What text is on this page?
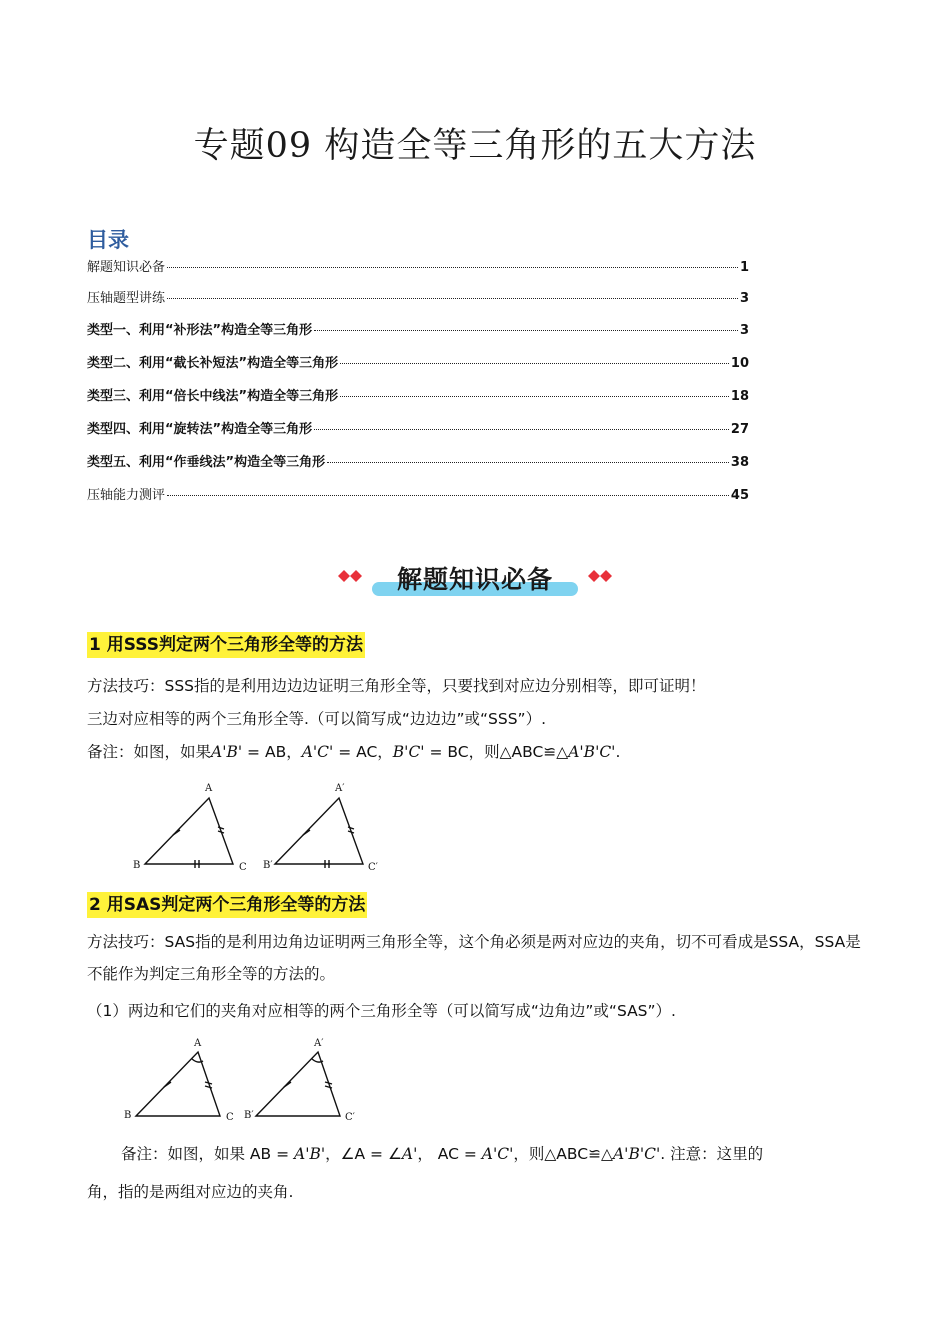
专题09 构造全等三角形的五大方法
目录
解题知识必备	1
压轴题型讲练	3
类型一、利用“补形法”构造全等三角形	3
类型二、利用“截长补短法”构造全等三角形	10
类型三、利用“倍长中线法”构造全等三角形	18
类型四、利用“旋转法”构造全等三角形	27
类型五、利用“作垂线法”构造全等三角形	38
压轴能力测评	45
解题知识必备
1 用SSS判定两个三角形全等的方法
方法技巧：SSS指的是利用边边边证明三角形全等，只要找到对应边分别相等，即可证明！
三边对应相等的两个三角形全等.（可以简写成“边边边”或“SSS”）.
备注：如图，如果A'B' = AB，A'C' = AC，B'C' = BC，则△ABC≌△A'B'C'.
A
B	C
A′
B′	C′
2 用SAS判定两个三角形全等的方法
方法技巧：SAS指的是利用边角边证明两三角形全等，这个角必须是两对应边的夹角，切不可看成是SSA，SSA是不能作为判定三角形全等的方法的。
（1）两边和它们的夹角对应相等的两个三角形全等（可以简写成“边角边”或“SAS”）.
A
B	C
A′
B′	C′
备注：如图，如果 AB = A'B'，∠A = ∠A'， AC = A'C'，则△ABC≌△A'B'C'. 注意：这里的
角，指的是两组对应边的夹角.
